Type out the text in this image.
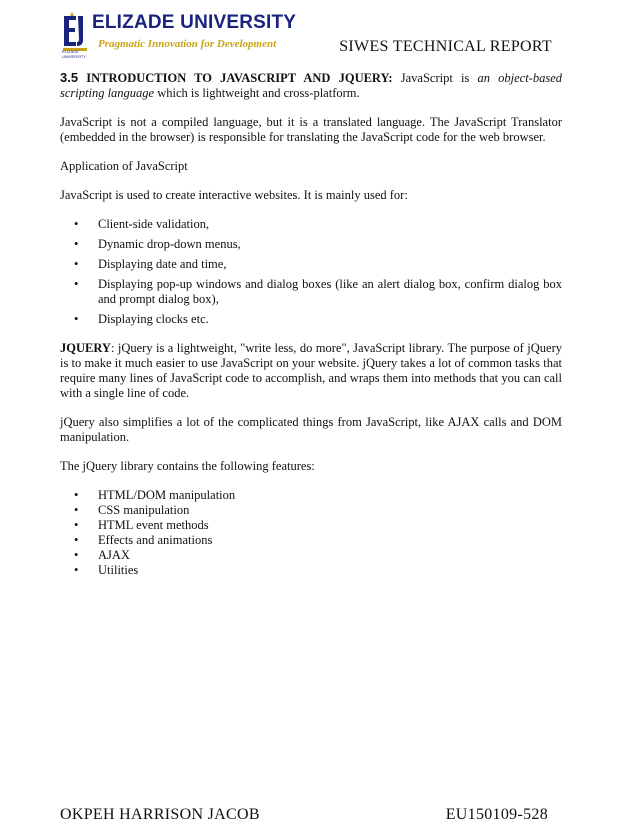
ELIZADE UNIVERSITY
Pragmatic Innovation for Development
ELIZADE UNIVERSITY
SIWES TECHNICAL REPORT

3.5 INTRODUCTION TO JAVASCRIPT AND JQUERY: JavaScript is an object-based scripting language which is lightweight and cross-platform.

JavaScript is not a compiled language, but it is a translated language. The JavaScript Translator (embedded in the browser) is responsible for translating the JavaScript code for the web browser.

Application of JavaScript

JavaScript is used to create interactive websites. It is mainly used for:

• Client-side validation,
• Dynamic drop-down menus,
• Displaying date and time,
• Displaying pop-up windows and dialog boxes (like an alert dialog box, confirm dialog box and prompt dialog box),
• Displaying clocks etc.

JQUERY: jQuery is a lightweight, "write less, do more", JavaScript library. The purpose of jQuery is to make it much easier to use JavaScript on your website. jQuery takes a lot of common tasks that require many lines of JavaScript code to accomplish, and wraps them into methods that you can call with a single line of code.

jQuery also simplifies a lot of the complicated things from JavaScript, like AJAX calls and DOM manipulation.

The jQuery library contains the following features:

• HTML/DOM manipulation
• CSS manipulation
• HTML event methods
• Effects and animations
• AJAX
• Utilities
OKPEH HARRISON JACOB	EU150109-528
